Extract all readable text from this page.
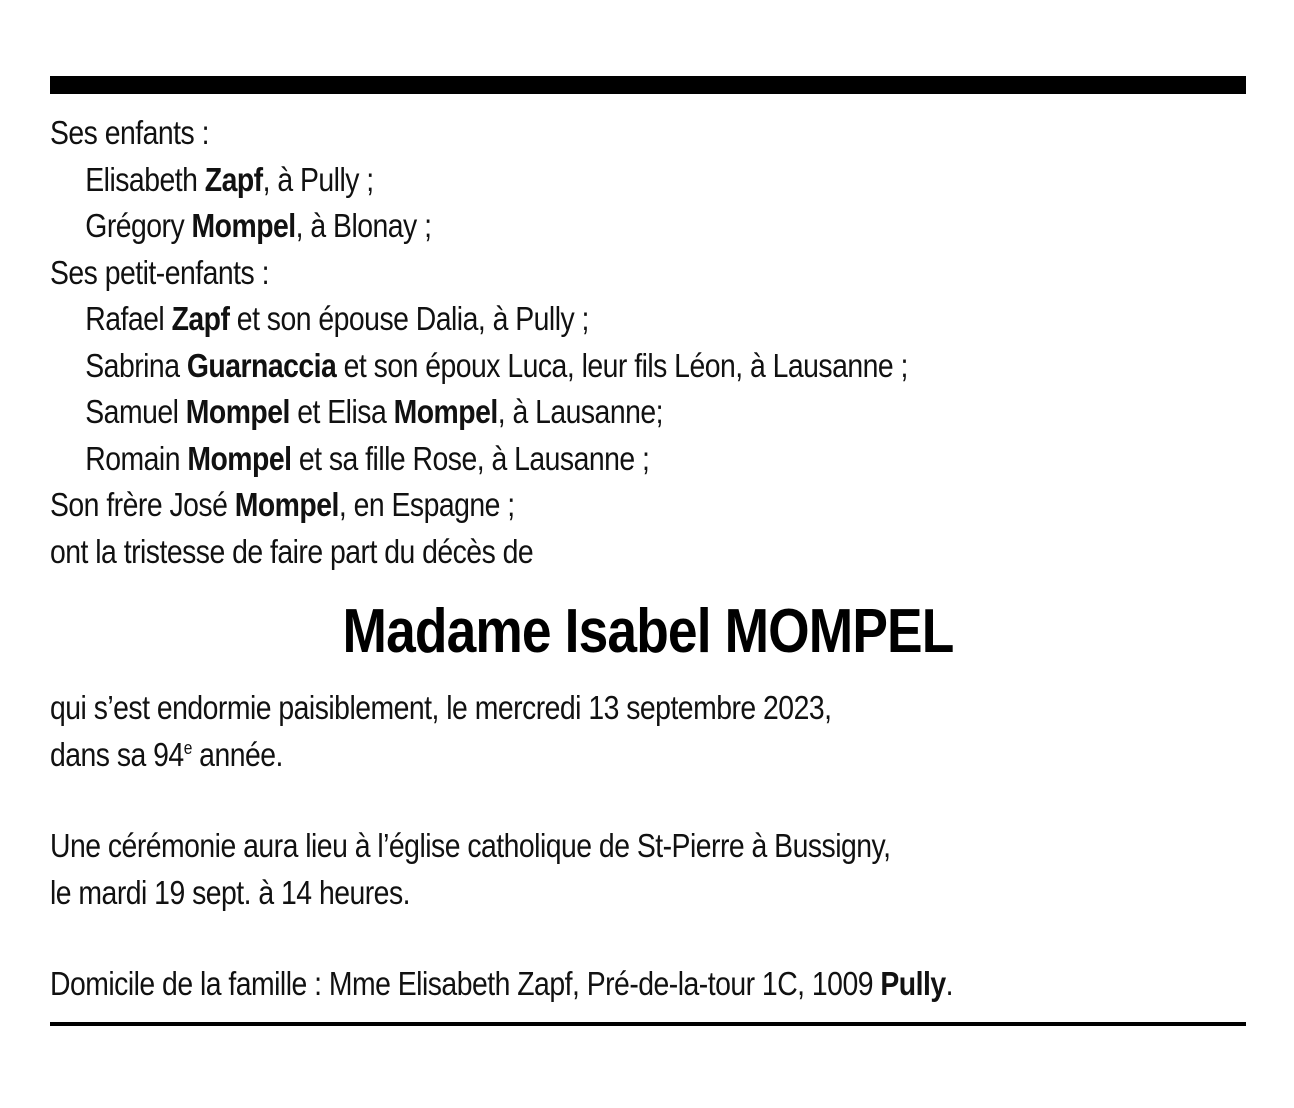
Ses enfants :
Elisabeth Zapf, à Pully ;
Grégory Mompel, à Blonay ;
Ses petit-enfants :
Rafael Zapf et son épouse Dalia, à Pully ;
Sabrina Guarnaccia et son époux Luca, leur fils Léon, à Lausanne ;
Samuel Mompel et Elisa Mompel, à Lausanne;
Romain Mompel et sa fille Rose, à Lausanne ;
Son frère José Mompel, en Espagne ;
ont la tristesse de faire part du décès de
Madame Isabel MOMPEL
qui s’est endormie paisiblement, le mercredi 13 septembre 2023,
dans sa 94e année.
Une cérémonie aura lieu à l’église catholique de St-Pierre à Bussigny,
le mardi 19 sept. à 14 heures.
Domicile de la famille : Mme Elisabeth Zapf, Pré-de-la-tour 1C, 1009 Pully.
